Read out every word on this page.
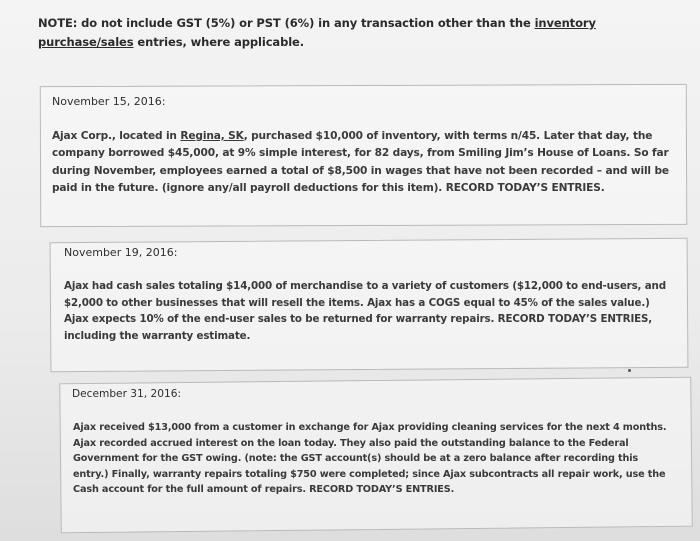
NOTE: do not include GST (5%) or PST (6%) in any transaction other than the inventory purchase/sales entries, where applicable.
November 15, 2016:
Ajax Corp., located in Regina, SK, purchased $10,000 of inventory, with terms n/45. Later that day, the company borrowed $45,000, at 9% simple interest, for 82 days, from Smiling Jim’s House of Loans. So far during November, employees earned a total of $8,500 in wages that have not been recorded – and will be paid in the future. (ignore any/all payroll deductions for this item). RECORD TODAY’S ENTRIES.
November 19, 2016:
Ajax had cash sales totaling $14,000 of merchandise to a variety of customers ($12,000 to end-users, and $2,000 to other businesses that will resell the items. Ajax has a COGS equal to 45% of the sales value.) Ajax expects 10% of the end-user sales to be returned for warranty repairs. RECORD TODAY’S ENTRIES, including the warranty estimate.
December 31, 2016:
Ajax received $13,000 from a customer in exchange for Ajax providing cleaning services for the next 4 months. Ajax recorded accrued interest on the loan today. They also paid the outstanding balance to the Federal Government for the GST owing. (note: the GST account(s) should be at a zero balance after recording this entry.) Finally, warranty repairs totaling $750 were completed; since Ajax subcontracts all repair work, use the Cash account for the full amount of repairs. RECORD TODAY’S ENTRIES.
